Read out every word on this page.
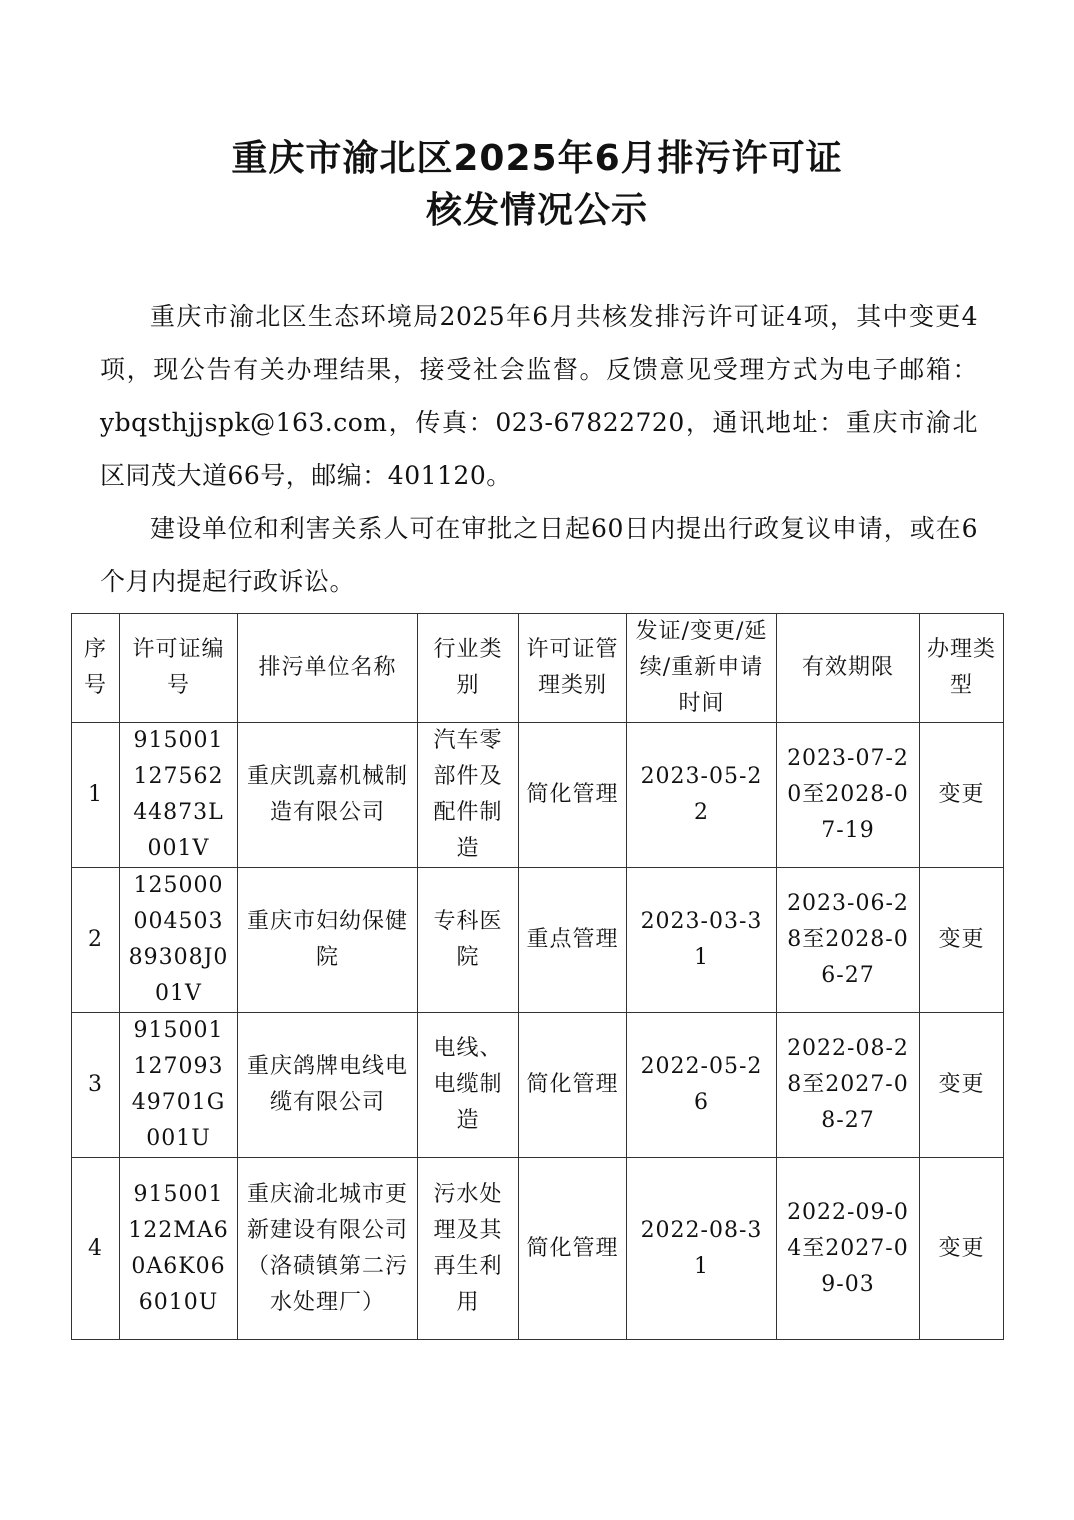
重庆市渝北区2025年6月排污许可证
核发情况公示

重庆市渝北区生态环境局2025年6月共核发排污许可证4项，其中变更4项，现公告有关办理结果，接受社会监督。反馈意见受理方式为电子邮箱：ybqsthjjspk@163.com，传真：023-67822720，通讯地址：重庆市渝北区同茂大道66号，邮编：401120。

建设单位和利害关系人可在审批之日起60日内提出行政复议申请，或在6个月内提起行政诉讼。

序号	许可证编号	排污单位名称	行业类别	许可证管理类别	发证/变更/延续/重新申请时间	有效期限	办理类型
1	91500112756244873L001V	重庆凯嘉机械制造有限公司	汽车零部件及配件制造	简化管理	2023-05-22	2023-07-20至2028-07-19	变更
2	12500000450389308J001V	重庆市妇幼保健院	专科医院	重点管理	2023-03-31	2023-06-28至2028-06-27	变更
3	91500112709349701G001U	重庆鸽牌电线电缆有限公司	电线、电缆制造	简化管理	2022-05-26	2022-08-28至2027-08-27	变更
4	915001122MA60A6K066010U	重庆渝北城市更新建设有限公司（洛碛镇第二污水处理厂）	污水处理及其再生利用	简化管理	2022-08-31	2022-09-04至2027-09-03	变更
